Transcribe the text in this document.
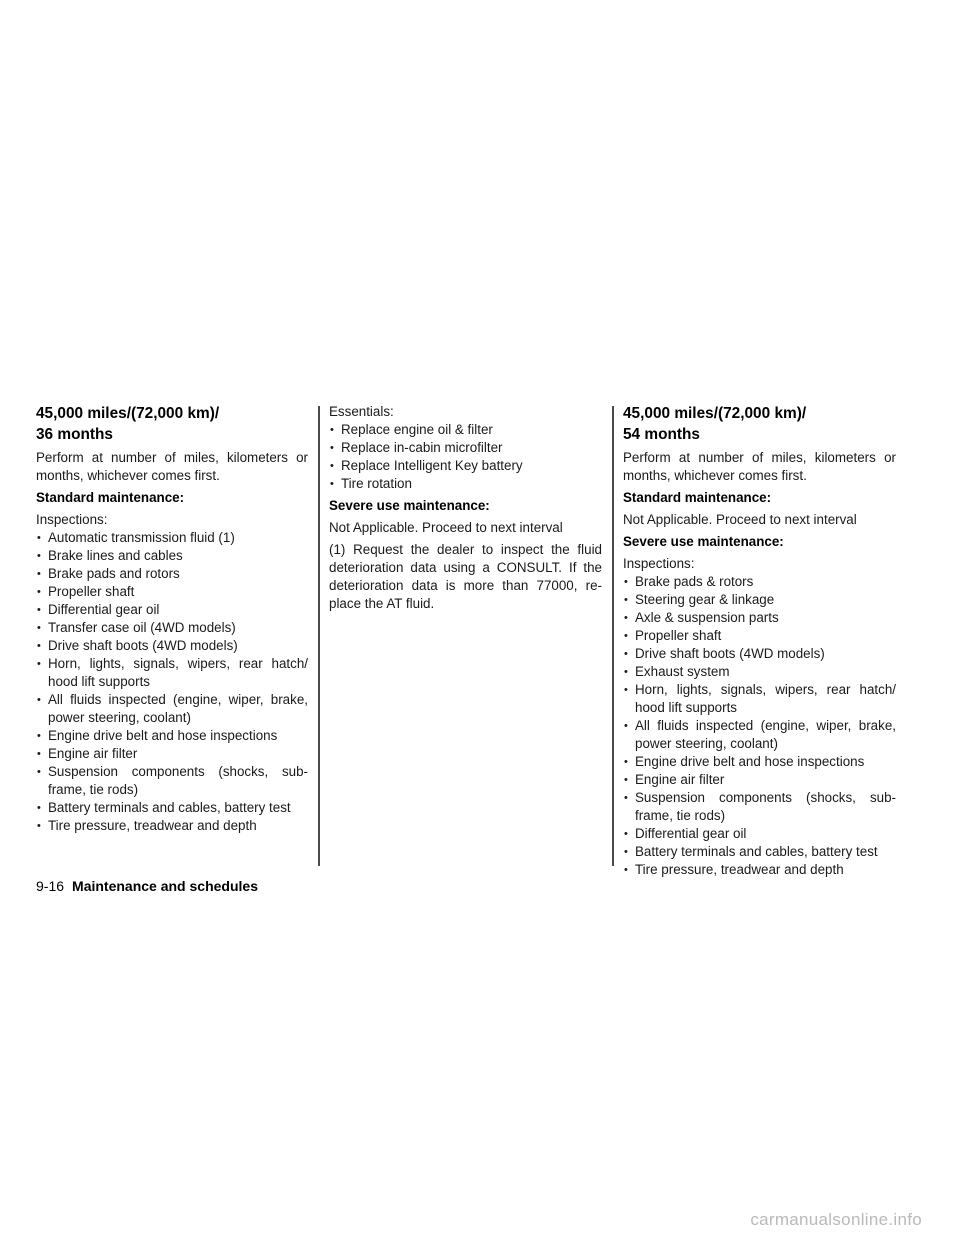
45,000 miles/(72,000 km)/
36 months

Perform at number of miles, kilometers or months, whichever comes first.

Standard maintenance:

Inspections:

• Automatic transmission fluid (1)
• Brake lines and cables
• Brake pads and rotors
• Propeller shaft
• Differential gear oil
• Transfer case oil (4WD models)
• Drive shaft boots (4WD models)
• Horn, lights, signals, wipers, rear hatch/ hood lift supports
• All fluids inspected (engine, wiper, brake, power steering, coolant)
• Engine drive belt and hose inspections
• Engine air filter
• Suspension components (shocks, sub-frame, tie rods)
• Battery terminals and cables, battery test
• Tire pressure, treadwear and depth

Essentials:

• Replace engine oil & filter
• Replace in-cabin microfilter
• Replace Intelligent Key battery
• Tire rotation

Severe use maintenance:

Not Applicable. Proceed to next interval

(1) Request the dealer to inspect the fluid deterioration data using a CONSULT. If the deterioration data is more than 77000, re-place the AT fluid.

45,000 miles/(72,000 km)/
54 months

Perform at number of miles, kilometers or months, whichever comes first.

Standard maintenance:

Not Applicable. Proceed to next interval

Severe use maintenance:

Inspections:

• Brake pads & rotors
• Steering gear & linkage
• Axle & suspension parts
• Propeller shaft
• Drive shaft boots (4WD models)
• Exhaust system
• Horn, lights, signals, wipers, rear hatch/ hood lift supports
• All fluids inspected (engine, wiper, brake, power steering, coolant)
• Engine drive belt and hose inspections
• Engine air filter
• Suspension components (shocks, sub-frame, tie rods)
• Differential gear oil
• Battery terminals and cables, battery test
• Tire pressure, treadwear and depth
9-16 Maintenance and schedules
carmanualsonline.info
